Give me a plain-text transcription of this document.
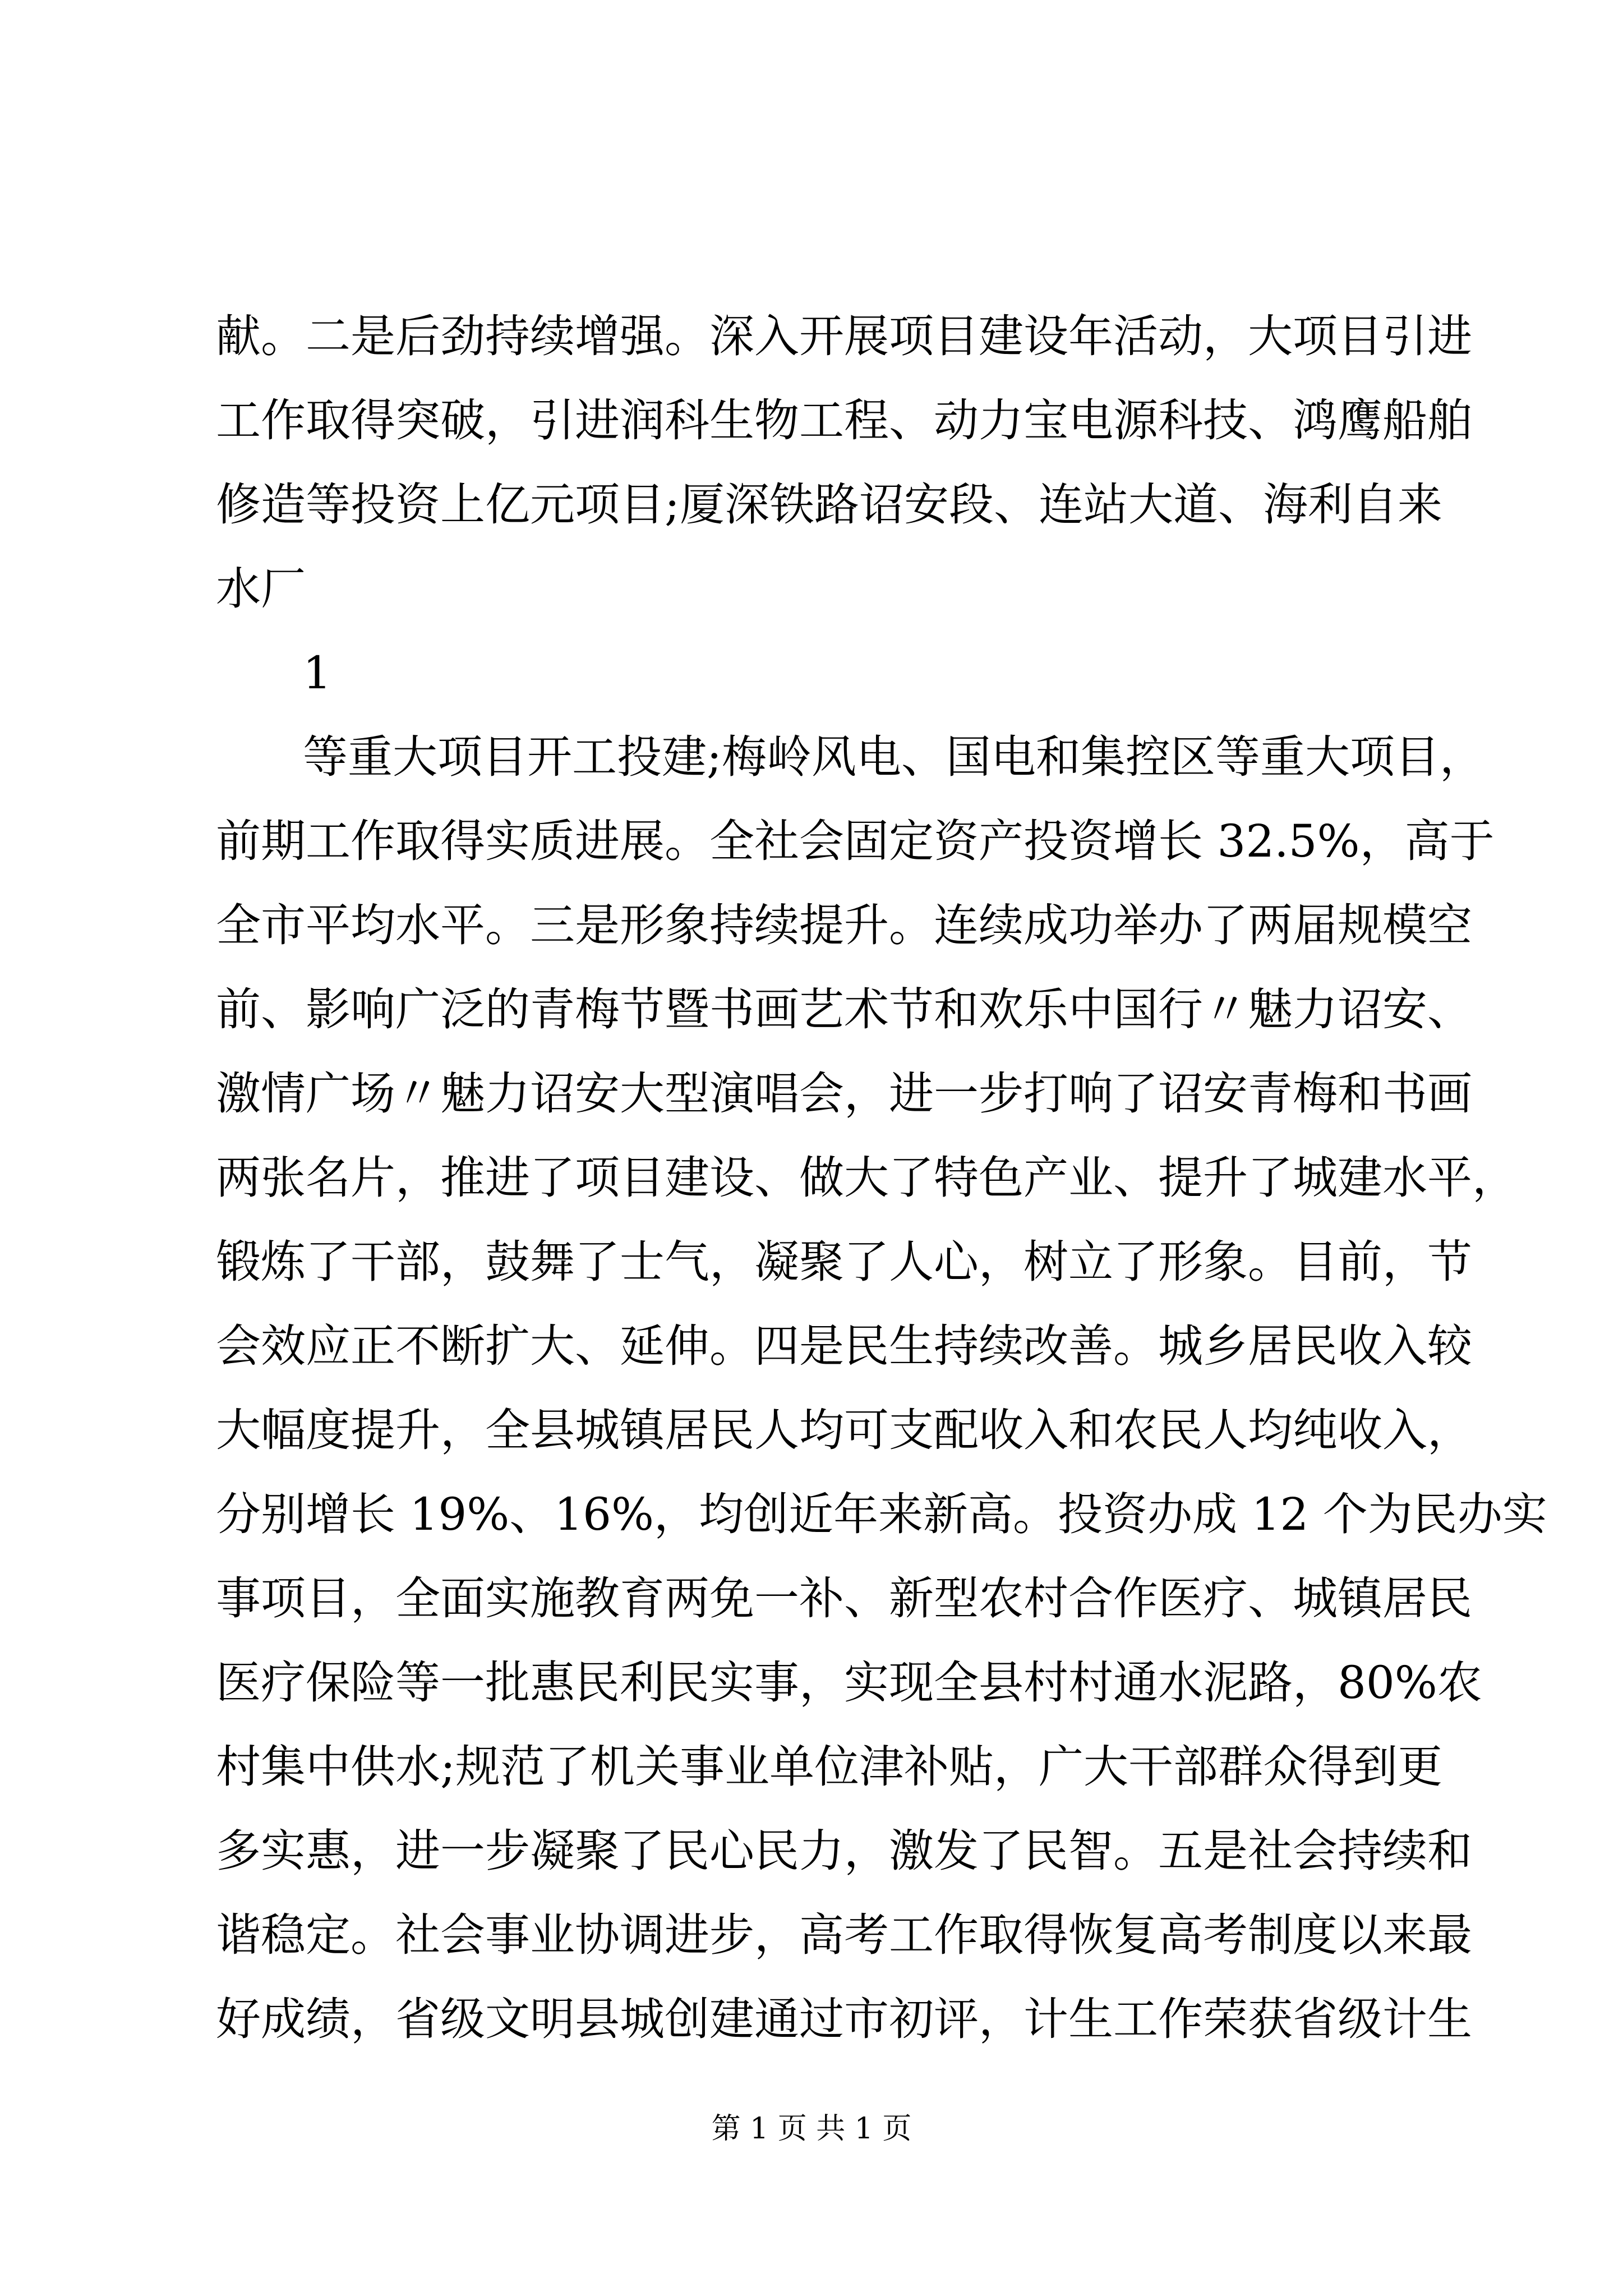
献。二是后劲持续增强。深入开展项目建设年活动，大项目引进
工作取得突破，引进润科生物工程、动力宝电源科技、鸿鹰船舶
修造等投资上亿元项目;厦深铁路诏安段、连站大道、海利自来
水厂
1
等重大项目开工投建;梅岭风电、国电和集控区等重大项目，
前期工作取得实质进展。全社会固定资产投资增长 32.5%，高于
全市平均水平。三是形象持续提升。连续成功举办了两届规模空
前、影响广泛的青梅节暨书画艺术节和欢乐中国行〃魅力诏安、
激情广场〃魅力诏安大型演唱会，进一步打响了诏安青梅和书画
两张名片，推进了项目建设、做大了特色产业、提升了城建水平，
锻炼了干部，鼓舞了士气，凝聚了人心，树立了形象。目前，节
会效应正不断扩大、延伸。四是民生持续改善。城乡居民收入较
大幅度提升，全县城镇居民人均可支配收入和农民人均纯收入，
分别增长 19%、16%，均创近年来新高。投资办成 12 个为民办实
事项目，全面实施教育两免一补、新型农村合作医疗、城镇居民
医疗保险等一批惠民利民实事，实现全县村村通水泥路，80%农
村集中供水;规范了机关事业单位津补贴，广大干部群众得到更
多实惠，进一步凝聚了民心民力，激发了民智。五是社会持续和
谐稳定。社会事业协调进步，高考工作取得恢复高考制度以来最
好成绩，省级文明县城创建通过市初评，计生工作荣获省级计生
第 1 页 共 1 页
